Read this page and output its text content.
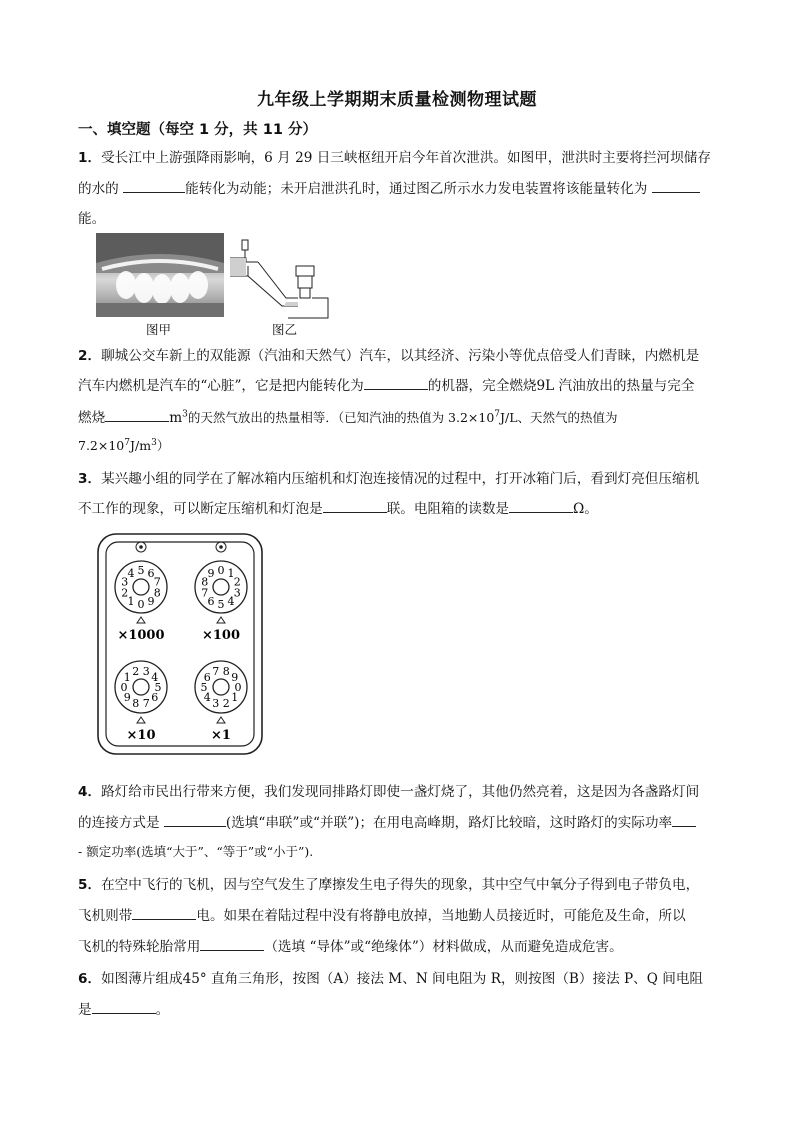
九年级上学期期末质量检测物理试题
一、填空题（每空 1 分，共 11 分）
1．受长江中上游强降雨影响，6 月 29 日三峡枢纽开启今年首次泄洪。如图甲，泄洪时主要将拦河坝储存
的水的	能转化为动能；未开启泄洪孔时，通过图乙所示水力发电装置将该能量转化为
能。
图甲	图乙
2．聊城公交车新上的双能源（汽油和天然气）汽车，以其经济、污染小等优点倍受人们青睐，内燃机是
汽车内燃机是汽车的“心脏”，它是把内能转化为	的机器，完全燃烧9L 汽油放出的热量与完全
燃烧	$m^3$的天然气放出的热量相等．（已知汽油的热值为 $3.2\times 10^7J/L$、天然气的热值为
$7.2\times 10^7J/m^3$）
3．某兴趣小组的同学在了解冰箱内压缩机和灯泡连接情况的过程中，打开冰箱门后，看到灯亮但压缩机
不工作的现象，可以断定压缩机和灯泡是	联。电阻箱的读数是	Ω。
0
1
2
3
4 5 6
7
8
9
×1000
0 1
2
3
4
5
6
7
8
9
×100
0
1 2 3 4
5
6
7
8
9
×10
0
1
2
3
4
5
6 7 8 9
×1
4．路灯给市民出行带来方便，我们发现同排路灯即使一盏灯烧了，其他仍然亮着，这是因为各盏路灯间
的连接方式是	(选填“串联”或“并联”)；在用电高峰期，路灯比较暗，这时路灯的实际功率
- 额定功率(选填“大于”、“等于”或“小于”).
5．在空中飞行的飞机，因与空气发生了摩擦发生电子得失的现象，其中空气中氧分子得到电子带负电，
飞机则带	电。如果在着陆过程中没有将静电放掉，当地勤人员接近时，可能危及生命，所以
飞机的特殊轮胎常用	（选填 “导体”或“绝缘体”）材料做成，从而避免造成危害。
6．如图薄片组成45° 直角三角形，按图（A）接法 M、N 间电阻为 R，则按图（B）接法 P、Q 间电阻
是	。
